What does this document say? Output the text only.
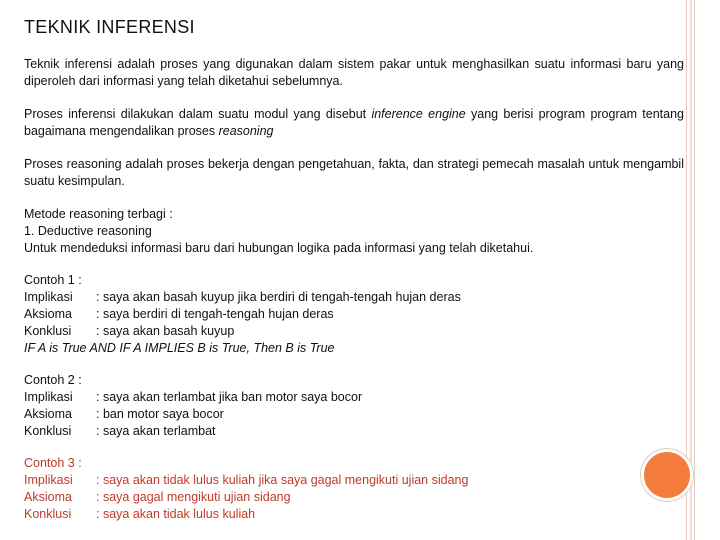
TEKNIK INFERENSI

Teknik inferensi adalah proses yang digunakan dalam sistem pakar untuk menghasilkan suatu informasi baru yang diperoleh dari informasi yang telah diketahui sebelumnya.

Proses inferensi dilakukan dalam suatu modul yang disebut inference engine yang berisi program program tentang bagaimana mengendalikan proses reasoning

Proses reasoning adalah proses bekerja dengan pengetahuan, fakta, dan strategi pemecah masalah untuk mengambil suatu kesimpulan.

Metode reasoning terbagi :
1. Deductive reasoning
Untuk mendeduksi informasi baru dari hubungan logika pada informasi yang telah diketahui.
Contoh 1 :
Implikasi	: saya akan basah kuyup jika berdiri di tengah-tengah hujan deras
Aksioma	: saya berdiri di tengah-tengah hujan deras
Konklusi	: saya akan basah kuyup
IF A is True AND IF A IMPLIES B is True, Then B is True
Contoh 2 :
Implikasi	: saya akan terlambat jika ban motor saya bocor
Aksioma	: ban motor saya bocor
Konklusi	: saya akan terlambat
Contoh 3 :
Implikasi	: saya akan tidak lulus kuliah jika saya gagal mengikuti ujian sidang
Aksioma	: saya gagal mengikuti ujian sidang
Konklusi	: saya akan tidak lulus kuliah
